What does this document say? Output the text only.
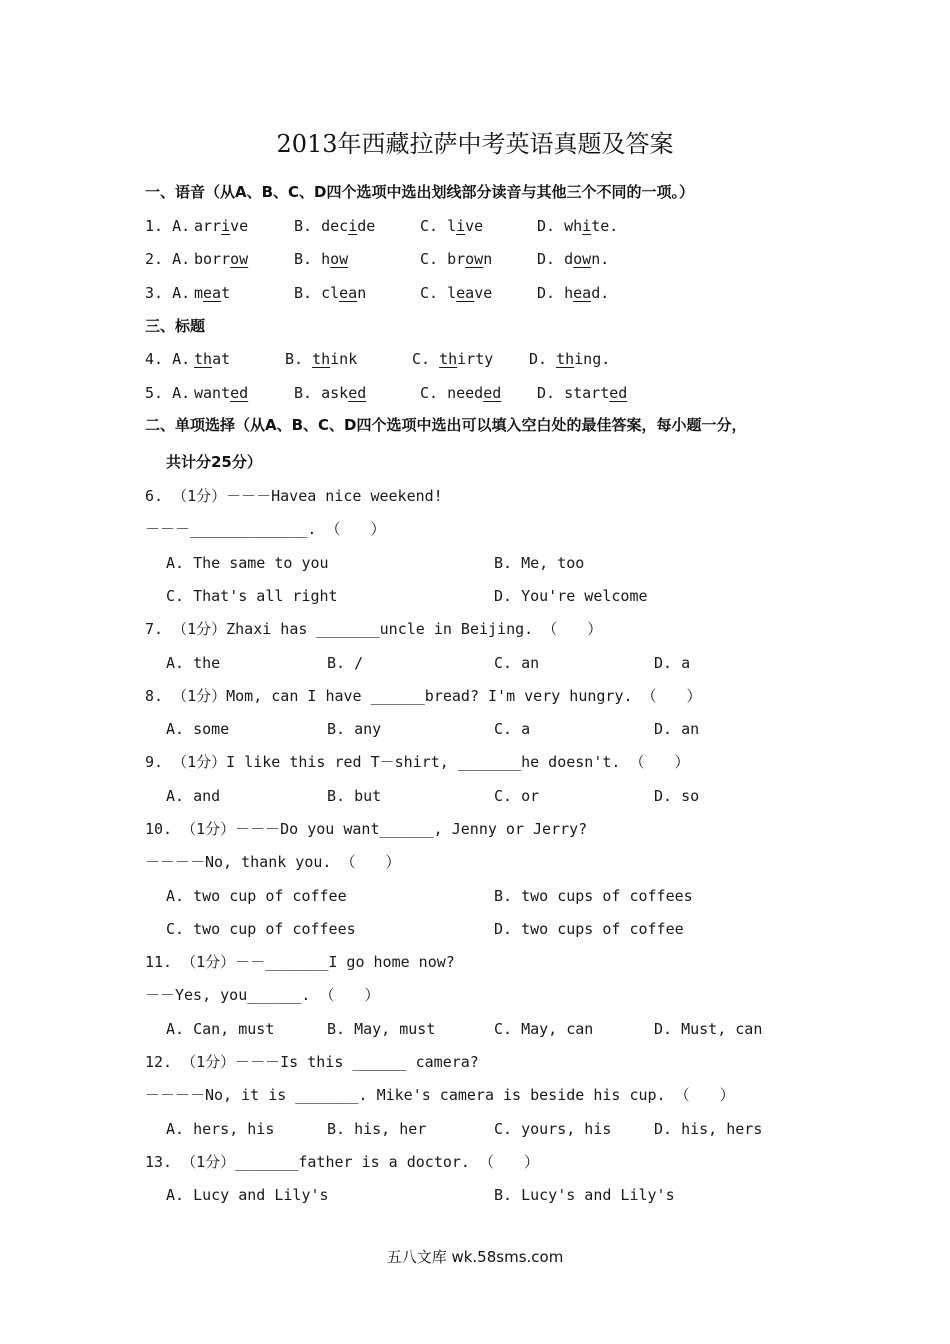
2013年西藏拉萨中考英语真题及答案
一、语音（从A、B、C、D四个选项中选出划线部分读音与其他三个不同的一项。）
1. A. arrive	B. decide	C. live	D. white.
2. A. borrow	B. how	C. brown	D. down.
3. A. meat	B. clean	C. leave	D. head.
4. A. that	B. think	C. thirty D. thing.
5. A. wanted	B. asked	C. needed D. started
三、标题
二、单项选择（从A、B、C、D四个选项中选出可以填入空白处的最佳答案，每小题一分，
共计分25分）
6. （1分）－－－Havea nice weekend!
－－－_____________. （　　）
A. The same to you	B. Me, too
C. That's all right	D. You're welcome
7. （1分）Zhaxi has _______uncle in Beijing. （　　）
A. the	B. /	C. an	D. a
8. （1分）Mom, can I have ______bread? I'm very hungry. （　　）
A. some	B. any	C. a	D. an
9. （1分）I like this red T－shirt, _______he doesn't. （　　）
A. and	B. but	C. or	D. so
10. （1分）－－－Do you want______, Jenny or Jerry?
－－－－No, thank you. （　　）
A. two cup of coffee	B. two cups of coffees
C. two cup of coffees	D. two cups of coffee
11. （1分）－－_______I go home now?
－－Yes, you______. （　　）
A. Can, must	B. May, must	C. May, can	D. Must, can
12. （1分）－－－Is this ______ camera?
－－－－No, it is _______. Mike's camera is beside his cup. （　　）
A. hers, his	B. his, her	C. yours, his	D. his, hers
13. （1分）_______father is a doctor. （　　）
A. Lucy and Lily's	B. Lucy's and Lily's
五八文库 wk.58sms.com
